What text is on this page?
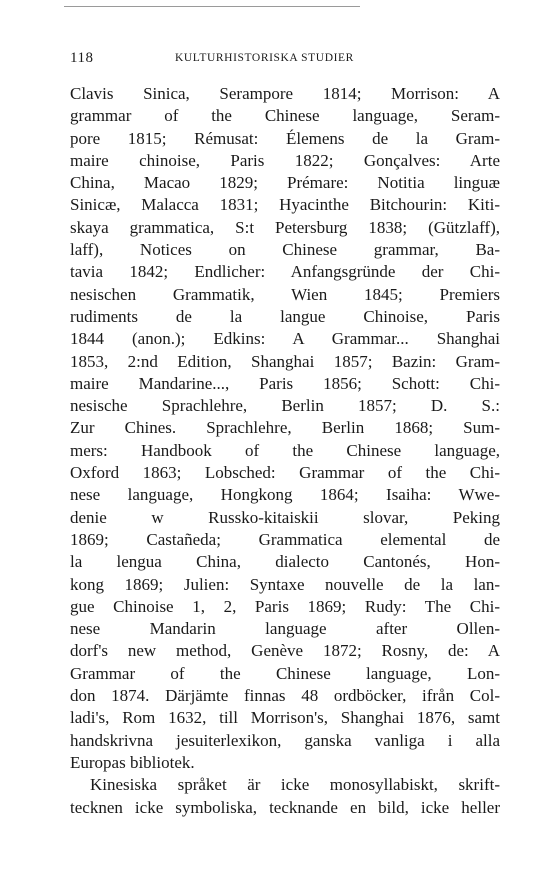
118	KULTURHISTORISKA STUDIER
Clavis Sinica, Serampore 1814; Morrison: A
grammar of the Chinese language, Seram-
pore 1815; Rémusat: Élemens de la Gram-
maire chinoise, Paris 1822; Gonçalves: Arte
China, Macao 1829; Prémare: Notitia linguæ
Sinicæ, Malacca 1831; Hyacinthe Bitchourin: Kiti-
skaya grammatica, S:t Petersburg 1838; (Gützlaff),
laff), Notices on Chinese grammar, Ba-
tavia 1842; Endlicher: Anfangsgründe der Chi-
nesischen Grammatik, Wien 1845; Premiers
rudiments de la langue Chinoise, Paris
1844 (anon.); Edkins: A Grammar... Shanghai
1853, 2:nd Edition, Shanghai 1857; Bazin: Gram-
maire Mandarine..., Paris 1856; Schott: Chi-
nesische Sprachlehre, Berlin 1857; D. S.:
Zur Chines. Sprachlehre, Berlin 1868; Sum-
mers: Handbook of the Chinese language,
Oxford 1863; Lobsched: Grammar of the Chi-
nese language, Hongkong 1864; Isaiha: Wwe-
denie w Russko-kitaiskii slovar, Peking
1869; Castañeda; Grammatica elemental de
la lengua China, dialecto Cantonés, Hon-
kong 1869; Julien: Syntaxe nouvelle de la lan-
gue Chinoise 1, 2, Paris 1869; Rudy: The Chi-
nese Mandarin language after Ollen-
dorf's new method, Genève 1872; Rosny, de: A
Grammar of the Chinese language, Lon-
don 1874. Därjämte finnas 48 ordböcker, ifrån Col-
ladi's, Rom 1632, till Morrison's, Shanghai 1876, samt
handskrivna jesuiterlexikon, ganska vanliga i alla
Europas bibliotek.
Kinesiska språket är icke monosyllabiskt, skrift-
tecknen icke symboliska, tecknande en bild, icke heller
